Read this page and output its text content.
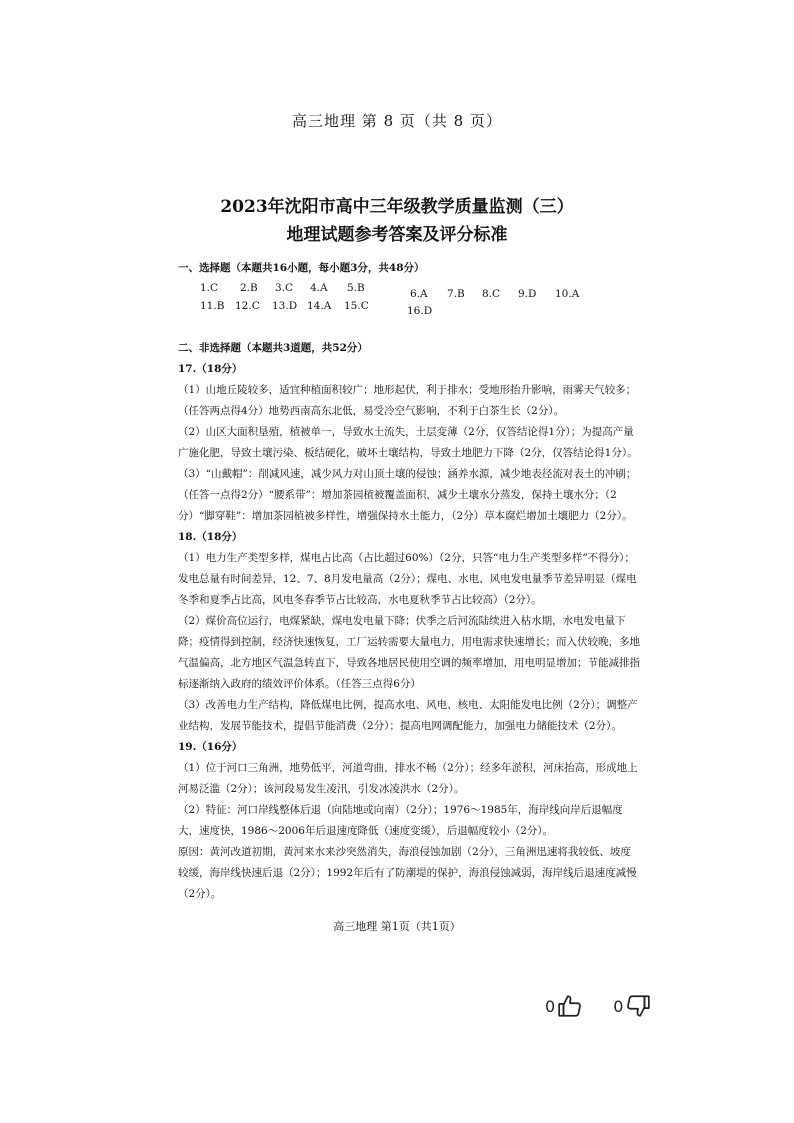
高三地理 第 8 页（共 8 页）
2023年沈阳市高中三年级教学质量监测（三）
地理试题参考答案及评分标准
一、选择题（本题共16小题，每小题3分，共48分）
1.C 2.B 3.C 4.A 5.B	6.A 7.B 8.C 9.D 10.A
11.B 12.C 13.D 14.A 15.C	16.D

二、非选择题（本题共3道题，共52分）

17.（18分）

（1）山地丘陵较多，适宜种植面积较广；地形起伏，利于排水；受地形抬升影响，雨雾天气较多；（任答两点得4分）地势西南高东北低，易受冷空气影响，不利于白茶生长（2分）。

（2）山区大面积垦殖，植被单一，导致水土流失，土层变薄（2分，仅答结论得1分）；为提高产量广施化肥，导致土壤污染、板结硬化，破坏土壤结构，导致土地肥力下降（2分，仅答结论得1分）。

（3）“山戴帽”：削减风速，减少风力对山顶土壤的侵蚀；涵养水源，减少地表径流对表土的冲刷；（任答一点得2分）“腰系带”：增加茶园植被覆盖面积，减少土壤水分蒸发，保持土壤水分；（2分）“脚穿鞋”：增加茶园植被多样性，增强保持水土能力，（2分）草本腐烂增加土壤肥力（2分）。

18.（18分）

（1）电力生产类型多样，煤电占比高（占比超过60%）（2分，只答“电力生产类型多样”不得分）；发电总量有时间差异，12、7、8月发电量高（2分）；煤电、水电、风电发电量季节差异明显（煤电冬季和夏季占比高，风电冬春季节占比较高，水电夏秋季节占比较高）（2分）。

（2）煤价高位运行，电煤紧缺，煤电发电量下降；伏季之后河流陆续进入枯水期，水电发电量下降；疫情得到控制，经济快速恢复，工厂运转需要大量电力，用电需求快速增长；而入伏较晚，多地气温偏高，北方地区气温急转直下，导致各地居民使用空调的频率增加，用电明显增加；节能减排指标逐渐纳入政府的绩效评价体系。（任答三点得6分）

（3）改善电力生产结构，降低煤电比例，提高水电、风电、核电、太阳能发电比例（2分）；调整产业结构，发展节能技术，提倡节能消费（2分）；提高电网调配能力，加强电力储能技术（2分）。

19.（16分）

（1）位于河口三角洲，地势低平，河道弯曲，排水不畅（2分）；经多年淤积，河床抬高，形成地上河易泛滥（2分）；该河段易发生凌汛，引发冰凌洪水（2分）。

（2）特征：河口岸线整体后退（向陆地或向南）（2分）；1976～1985年，海岸线向岸后退幅度大，速度快，1986～2006年后退速度降低（速度变缓），后退幅度较小（2分）。

原因：黄河改道初期，黄河来水来沙突然消失，海浪侵蚀加剧（2分），三角洲迅速将我较低、坡度较缓，海岸线快速后退（2分）；1992年后有了防潮堤的保护，海浪侵蚀减弱，海岸线后退速度减慢（2分）。

高三地理 第1页（共1页）
0	0
